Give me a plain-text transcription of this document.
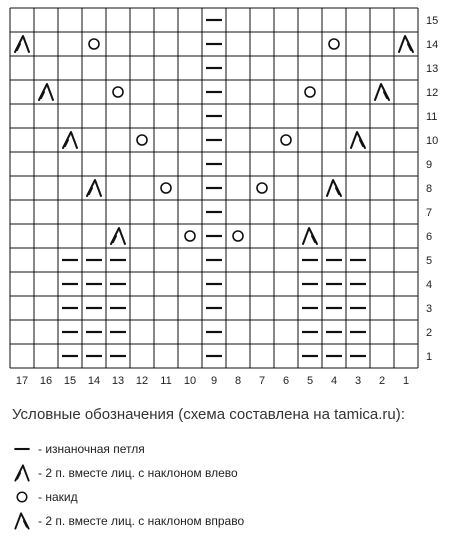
15
14
13
12
11
10
9
8
7
6
5
4
3
2
1
17 16 15 14 13 12 11 10 9 8 7 6 5 4 3 2 1
Условные обозначения (схема составлена на tamica.ru):
- изнаночная петля
- 2 п. вместе лиц. с наклоном влево
- накид
- 2 п. вместе лиц. с наклоном вправо
